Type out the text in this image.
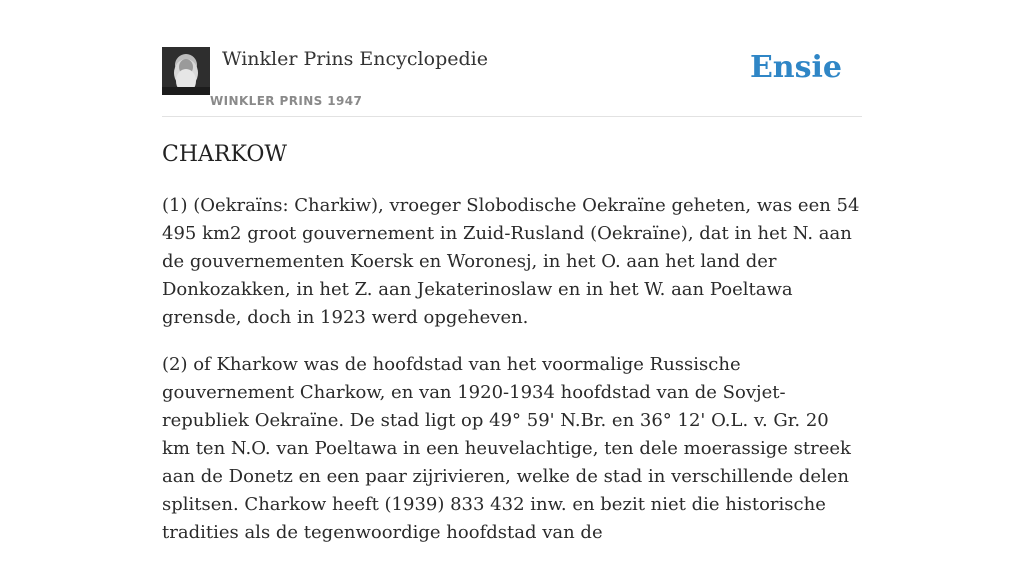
Winkler Prins Encyclopedie
WINKLER PRINS 1947
Ensie
CHARKOW

(1) (Oekraïns: Charkiw), vroeger Slobodische Oekraïne geheten, was een 54 495 km2 groot gouvernement in Zuid-Rusland (Oekraïne), dat in het N. aan de gouvernementen Koersk en Woronesj, in het O. aan het land der Donkozakken, in het Z. aan Jekaterinoslaw en in het W. aan Poeltawa grensde, doch in 1923 werd opgeheven.

(2) of Kharkow was de hoofdstad van het voormalige Russische gouvernement Charkow, en van 1920-1934 hoofdstad van de Sovjet-republiek Oekraïne. De stad ligt op 49° 59' N.Br. en 36° 12' O.L. v. Gr. 20 km ten N.O. van Poeltawa in een heuvelachtige, ten dele moerassige streek aan de Donetz en een paar zijrivieren, welke de stad in verschillende delen splitsen. Charkow heeft (1939) 833 432 inw. en bezit niet die historische tradities als de tegenwoordige hoofdstad van de
